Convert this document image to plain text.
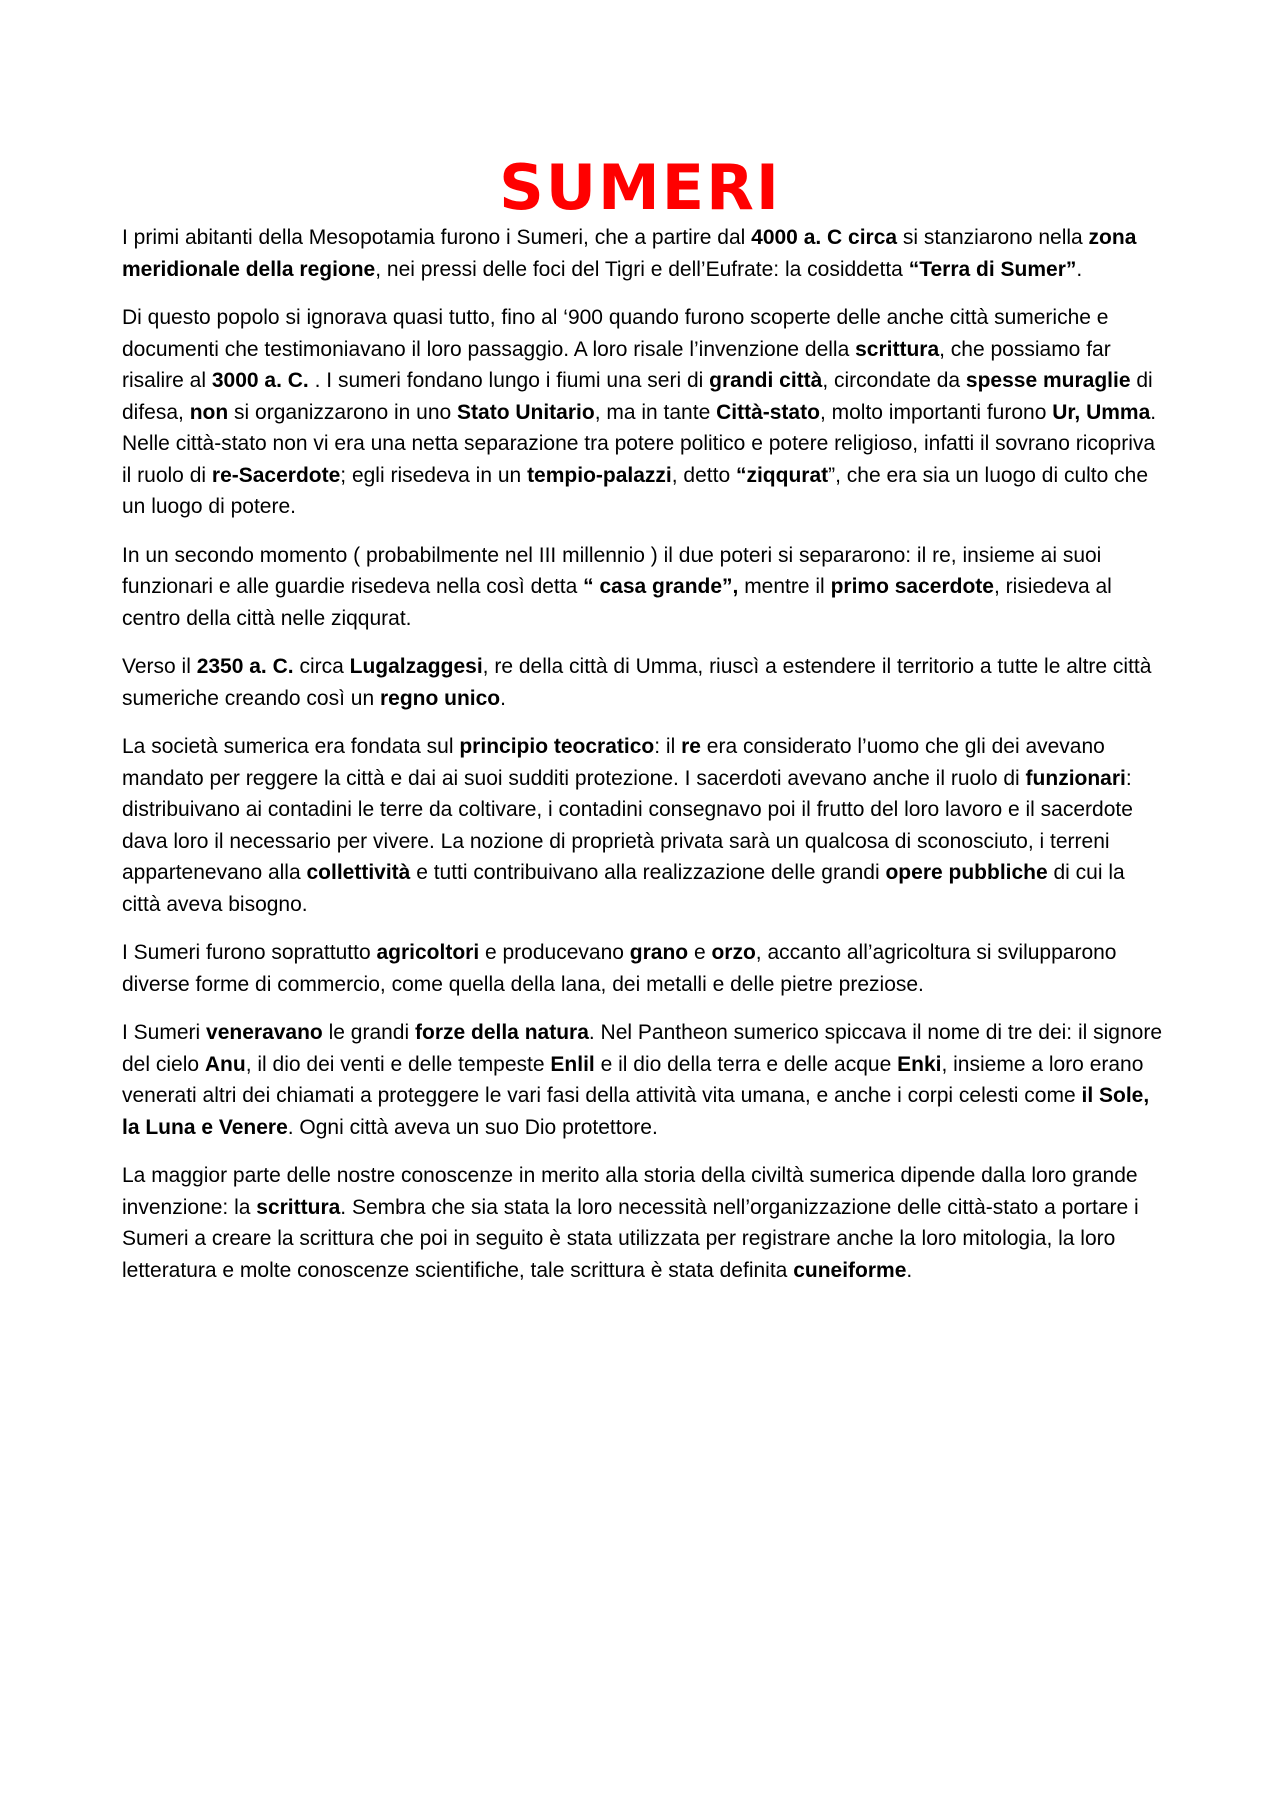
SUMERI

I primi abitanti della Mesopotamia furono i Sumeri, che a partire dal 4000 a. C circa si stanziarono nella zona meridionale della regione, nei pressi delle foci del Tigri e dell’Eufrate: la cosiddetta “Terra di Sumer”.

Di questo popolo si ignorava quasi tutto, fino al ‘900 quando furono scoperte delle anche città sumeriche e documenti che testimoniavano il loro passaggio. A loro risale l’invenzione della scrittura, che possiamo far risalire al 3000 a. C. . I sumeri fondano lungo i fiumi una seri di grandi città, circondate da spesse muraglie di difesa, non si organizzarono in uno Stato Unitario, ma in tante Città-stato, molto importanti furono Ur, Umma. Nelle città-stato non vi era una netta separazione tra potere politico e potere religioso, infatti il sovrano ricopriva il ruolo di re-Sacerdote; egli risedeva in un tempio-palazzi, detto “ziqqurat”, che era sia un luogo di culto che un luogo di potere.

In un secondo momento ( probabilmente nel III millennio ) il due poteri si separarono: il re, insieme ai suoi funzionari e alle guardie risedeva nella così detta “ casa grande”, mentre il primo sacerdote, risiedeva al centro della città nelle ziqqurat.

Verso il 2350 a. C. circa Lugalzaggesi, re della città di Umma, riuscì a estendere il territorio a tutte le altre città sumeriche creando così un regno unico.

La società sumerica era fondata sul principio teocratico: il re era considerato l’uomo che gli dei avevano mandato per reggere la città e dai ai suoi sudditi protezione. I sacerdoti avevano anche il ruolo di funzionari: distribuivano ai contadini le terre da coltivare, i contadini consegnavo poi il frutto del loro lavoro e il sacerdote dava loro il necessario per vivere. La nozione di proprietà privata sarà un qualcosa di sconosciuto, i terreni appartenevano alla collettività e tutti contribuivano alla realizzazione delle grandi opere pubbliche di cui la città aveva bisogno.

I Sumeri furono soprattutto agricoltori e producevano grano e orzo, accanto all’agricoltura si svilupparono diverse forme di commercio, come quella della lana, dei metalli e delle pietre preziose.

I Sumeri veneravano le grandi forze della natura. Nel Pantheon sumerico spiccava il nome di tre dei: il signore del cielo Anu, il dio dei venti e delle tempeste Enlil e il dio della terra e delle acque Enki, insieme a loro erano venerati altri dei chiamati a proteggere le vari fasi della attività vita umana, e anche i corpi celesti come il Sole, la Luna e Venere. Ogni città aveva un suo Dio protettore.

La maggior parte delle nostre conoscenze in merito alla storia della civiltà sumerica dipende dalla loro grande invenzione: la scrittura. Sembra che sia stata la loro necessità nell’organizzazione delle città-stato a portare i Sumeri a creare la scrittura che poi in seguito è stata utilizzata per registrare anche la loro mitologia, la loro letteratura e molte conoscenze scientifiche, tale scrittura è stata definita cuneiforme.
